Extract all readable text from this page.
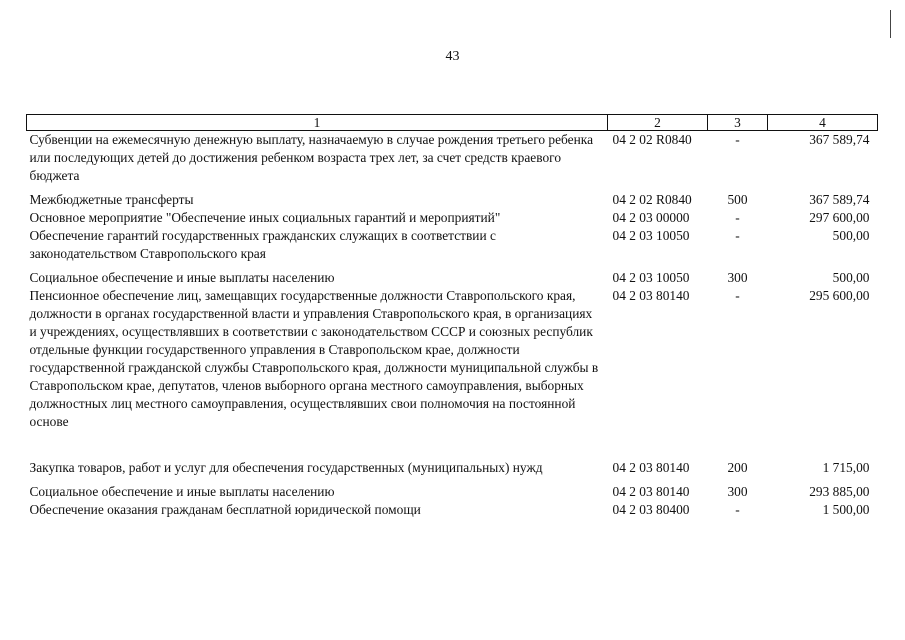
43
1	2	3	4
Субвенции на ежемесячную денежную выплату, назначаемую в случае рождения третьего ребенка или последующих детей до достижения ребенком возраста трех лет, за счет средств краевого бюджета	04 2 02 R0840	-	367 589,74
Межбюджетные трансферты	04 2 02 R0840	500	367 589,74
Основное мероприятие "Обеспечение иных социальных гарантий и мероприятий"	04 2 03 00000	-	297 600,00
Обеспечение гарантий государственных гражданских служащих в соответствии с законодательством Ставропольского края	04 2 03 10050	-	500,00
Социальное обеспечение и иные выплаты населению	04 2 03 10050	300	500,00
Пенсионное обеспечение лиц, замещавщих государственные должности Ставропольского края, должности в органах государственной власти и управления Ставропольского края, в организациях и учреждениях, осуществлявших в соответствии с законодательством СССР и союзных республик отдельные функции государственного управления в Ставропольском крае, должности государственной гражданской службы Ставропольского края, должности муниципальной службы в Ставропольском крае, депутатов, членов выборного органа местного самоуправления, выборных должностных лиц местного самоуправления, осуществлявших свои полномочия на постоянной основе	04 2 03 80140	-	295 600,00
Закупка товаров, работ и услуг для обеспечения государственных (муниципальных) нужд	04 2 03 80140	200	1 715,00
Социальное обеспечение и иные выплаты населению	04 2 03 80140	300	293 885,00
Обеспечение оказания гражданам бесплатной юридической помощи	04 2 03 80400	-	1 500,00
